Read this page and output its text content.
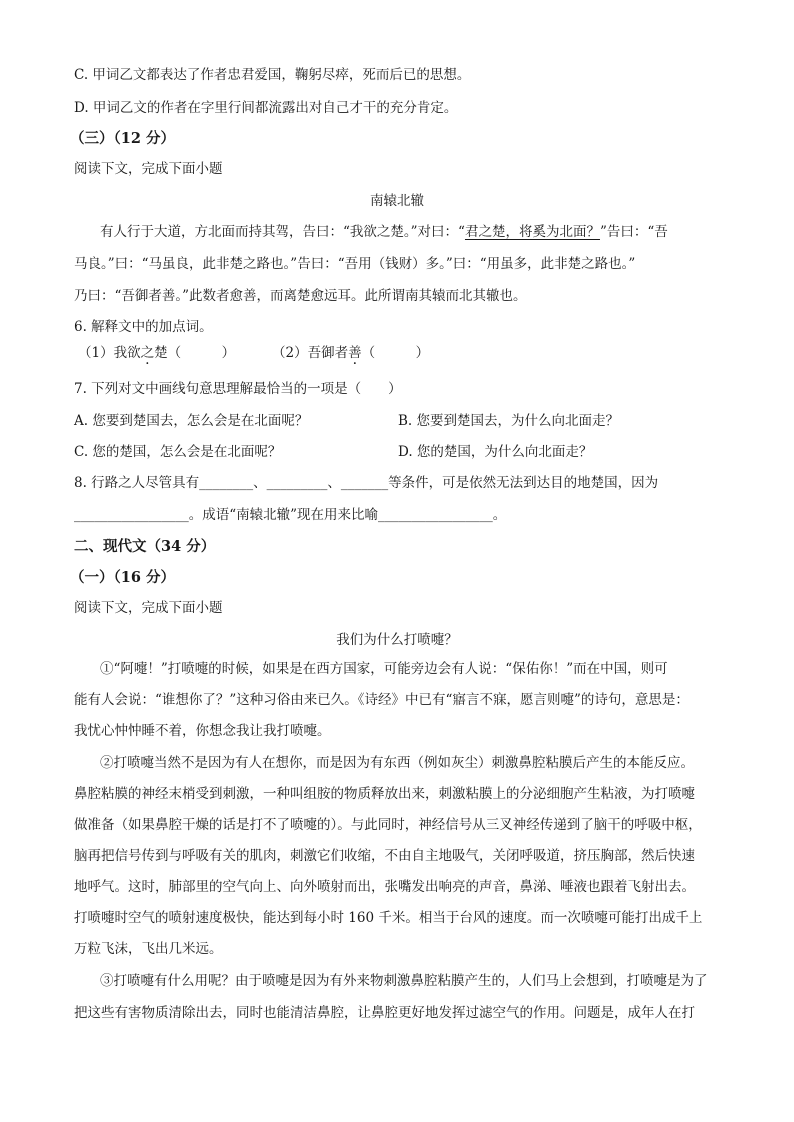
C. 甲词乙文都表达了作者忠君爱国，鞠躬尽瘁，死而后已的思想。
D. 甲词乙文的作者在字里行间都流露出对自己才干的充分肯定。
（三）（12 分）
阅读下文，完成下面小题
南辕北辙
有人行于大道，方北面而持其驾，告曰：“我欲之楚。”对曰：“君之楚，将奚为北面？”告曰：“吾
马良。”曰：“马虽良，此非楚之路也。”告曰：“吾用（钱财）多。”曰：“用虽多，此非楚之路也。”
乃曰：“吾御者善。”此数者愈善，而离楚愈远耳。此所谓南其辕而北其辙也。
6. 解释文中的加点词。
（1）我欲之楚（　　　）	（2）吾御者善（　　　）
7. 下列对文中画线句意思理解最恰当的一项是（　　）
A. 您要到楚国去，怎么会是在北面呢？	B. 您要到楚国去，为什么向北面走？
C. 您的楚国，怎么会是在北面呢？	D. 您的楚国，为什么向北面走？
8. 行路之人尽管具有________、_________、_______等条件，可是依然无法到达目的地楚国，因为
_________________。成语“南辕北辙”现在用来比喻_________________。
二、现代文（34 分）
（一）（16 分）
阅读下文，完成下面小题
我们为什么打喷嚏？
①“阿嚏！”打喷嚏的时候，如果是在西方国家，可能旁边会有人说：“保佑你！”而在中国，则可
能有人会说：“谁想你了？”这种习俗由来已久。《诗经》中已有“寤言不寐，愿言则嚏”的诗句，意思是：
我忧心忡忡睡不着，你想念我让我打喷嚏。
②打喷嚏当然不是因为有人在想你，而是因为有东西（例如灰尘）刺激鼻腔粘膜后产生的本能反应。
鼻腔粘膜的神经末梢受到刺激，一种叫组胺的物质释放出来，刺激粘膜上的分泌细胞产生粘液，为打喷嚏
做准备（如果鼻腔干燥的话是打不了喷嚏的）。与此同时，神经信号从三叉神经传递到了脑干的呼吸中枢，
脑再把信号传到与呼吸有关的肌肉，刺激它们收缩，不由自主地吸气，关闭呼吸道，挤压胸部，然后快速
地呼气。这时，肺部里的空气向上、向外喷射而出，张嘴发出响亮的声音，鼻涕、唾液也跟着飞射出去。
打喷嚏时空气的喷射速度极快，能达到每小时 160 千米。相当于台风的速度。而一次喷嚏可能打出成千上
万粒飞沫，飞出几米远。
③打喷嚏有什么用呢？由于喷嚏是因为有外来物刺激鼻腔粘膜产生的，人们马上会想到，打喷嚏是为了
把这些有害物质清除出去，同时也能清洁鼻腔，让鼻腔更好地发挥过滤空气的作用。问题是，成年人在打
